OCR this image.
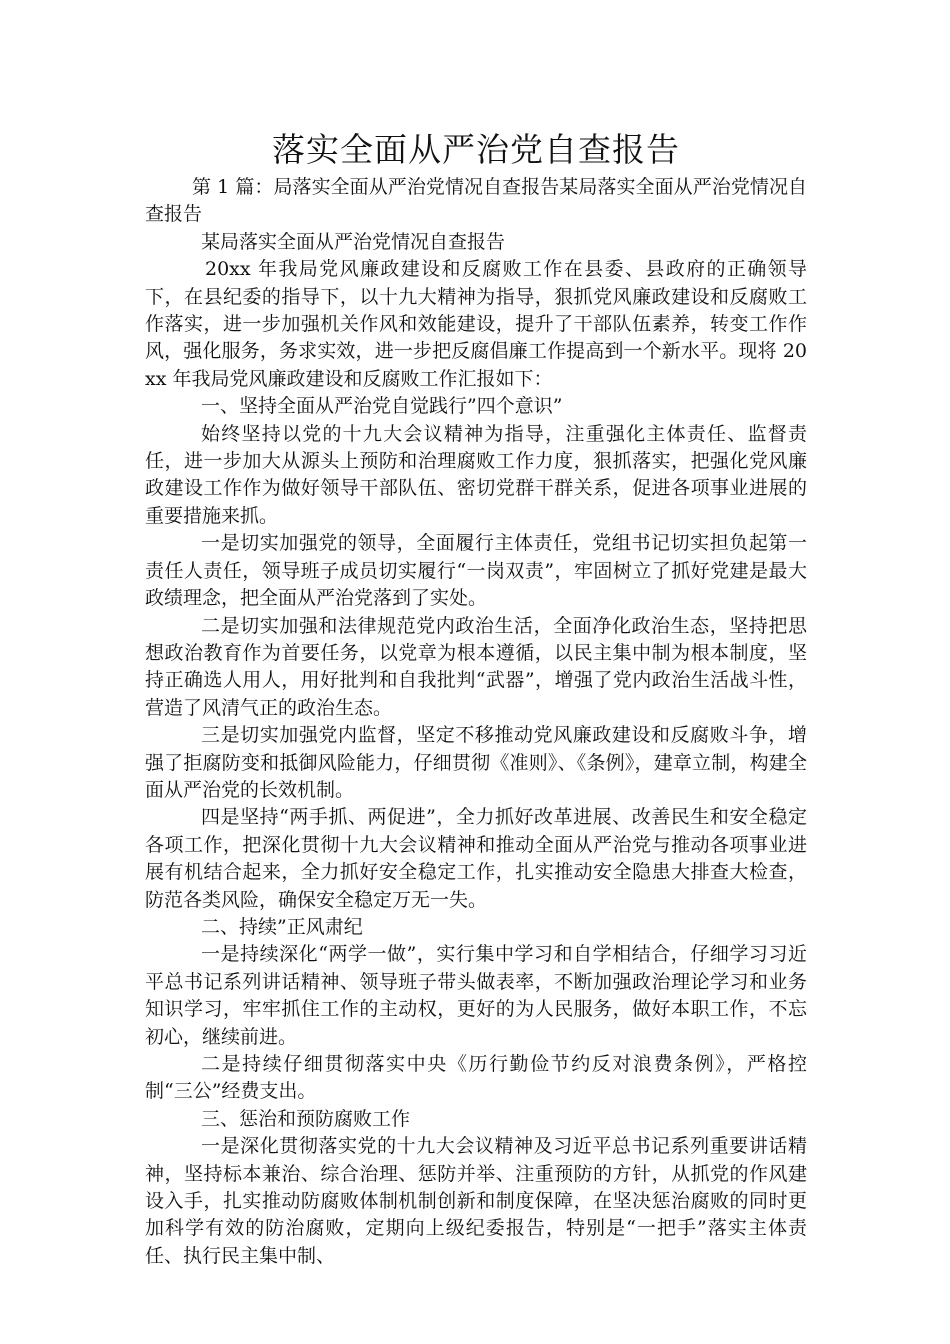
落实全面从严治党自查报告

第 1 篇：局落实全面从严治党情况自查报告某局落实全面从严治党情况自查报告

某局落实全面从严治党情况自查报告

20xx 年我局党风廉政建设和反腐败工作在县委、县政府的正确领导下，在县纪委的指导下，以十九大精神为指导，狠抓党风廉政建设和反腐败工作落实，进一步加强机关作风和效能建设，提升了干部队伍素养，转变工作作风，强化服务，务求实效，进一步把反腐倡廉工作提高到一个新水平。现将 20xx 年我局党风廉政建设和反腐败工作汇报如下：

一、坚持全面从严治党自觉践行”四个意识”

始终坚持以党的十九大会议精神为指导，注重强化主体责任、监督责任，进一步加大从源头上预防和治理腐败工作力度，狠抓落实，把强化党风廉政建设工作作为做好领导干部队伍、密切党群干群关系，促进各项事业进展的重要措施来抓。

一是切实加强党的领导，全面履行主体责任，党组书记切实担负起第一责任人责任，领导班子成员切实履行“一岗双责”，牢固树立了抓好党建是最大政绩理念，把全面从严治党落到了实处。

二是切实加强和法律规范党内政治生活，全面净化政治生态，坚持把思想政治教育作为首要任务，以党章为根本遵循，以民主集中制为根本制度，坚持正确选人用人，用好批判和自我批判“武器”，增强了党内政治生活战斗性，营造了风清气正的政治生态。

三是切实加强党内监督，坚定不移推动党风廉政建设和反腐败斗争，增强了拒腐防变和抵御风险能力，仔细贯彻《准则》、《条例》，建章立制，构建全面从严治党的长效机制。

四是坚持“两手抓、两促进”，全力抓好改革进展、改善民生和安全稳定各项工作，把深化贯彻十九大会议精神和推动全面从严治党与推动各项事业进展有机结合起来，全力抓好安全稳定工作，扎实推动安全隐患大排查大检查，防范各类风险，确保安全稳定万无一失。

二、持续”正风肃纪

一是持续深化“两学一做”，实行集中学习和自学相结合，仔细学习习近平总书记系列讲话精神、领导班子带头做表率，不断加强政治理论学习和业务知识学习，牢牢抓住工作的主动权，更好的为人民服务，做好本职工作，不忘初心，继续前进。

二是持续仔细贯彻落实中央《历行勤俭节约反对浪费条例》，严格控制“三公”经费支出。

三、惩治和预防腐败工作

一是深化贯彻落实党的十九大会议精神及习近平总书记系列重要讲话精神，坚持标本兼治、综合治理、惩防并举、注重预防的方针，从抓党的作风建设入手，扎实推动防腐败体制机制创新和制度保障，在坚决惩治腐败的同时更加科学有效的防治腐败，定期向上级纪委报告，特别是“一把手”落实主体责任、执行民主集中制、
